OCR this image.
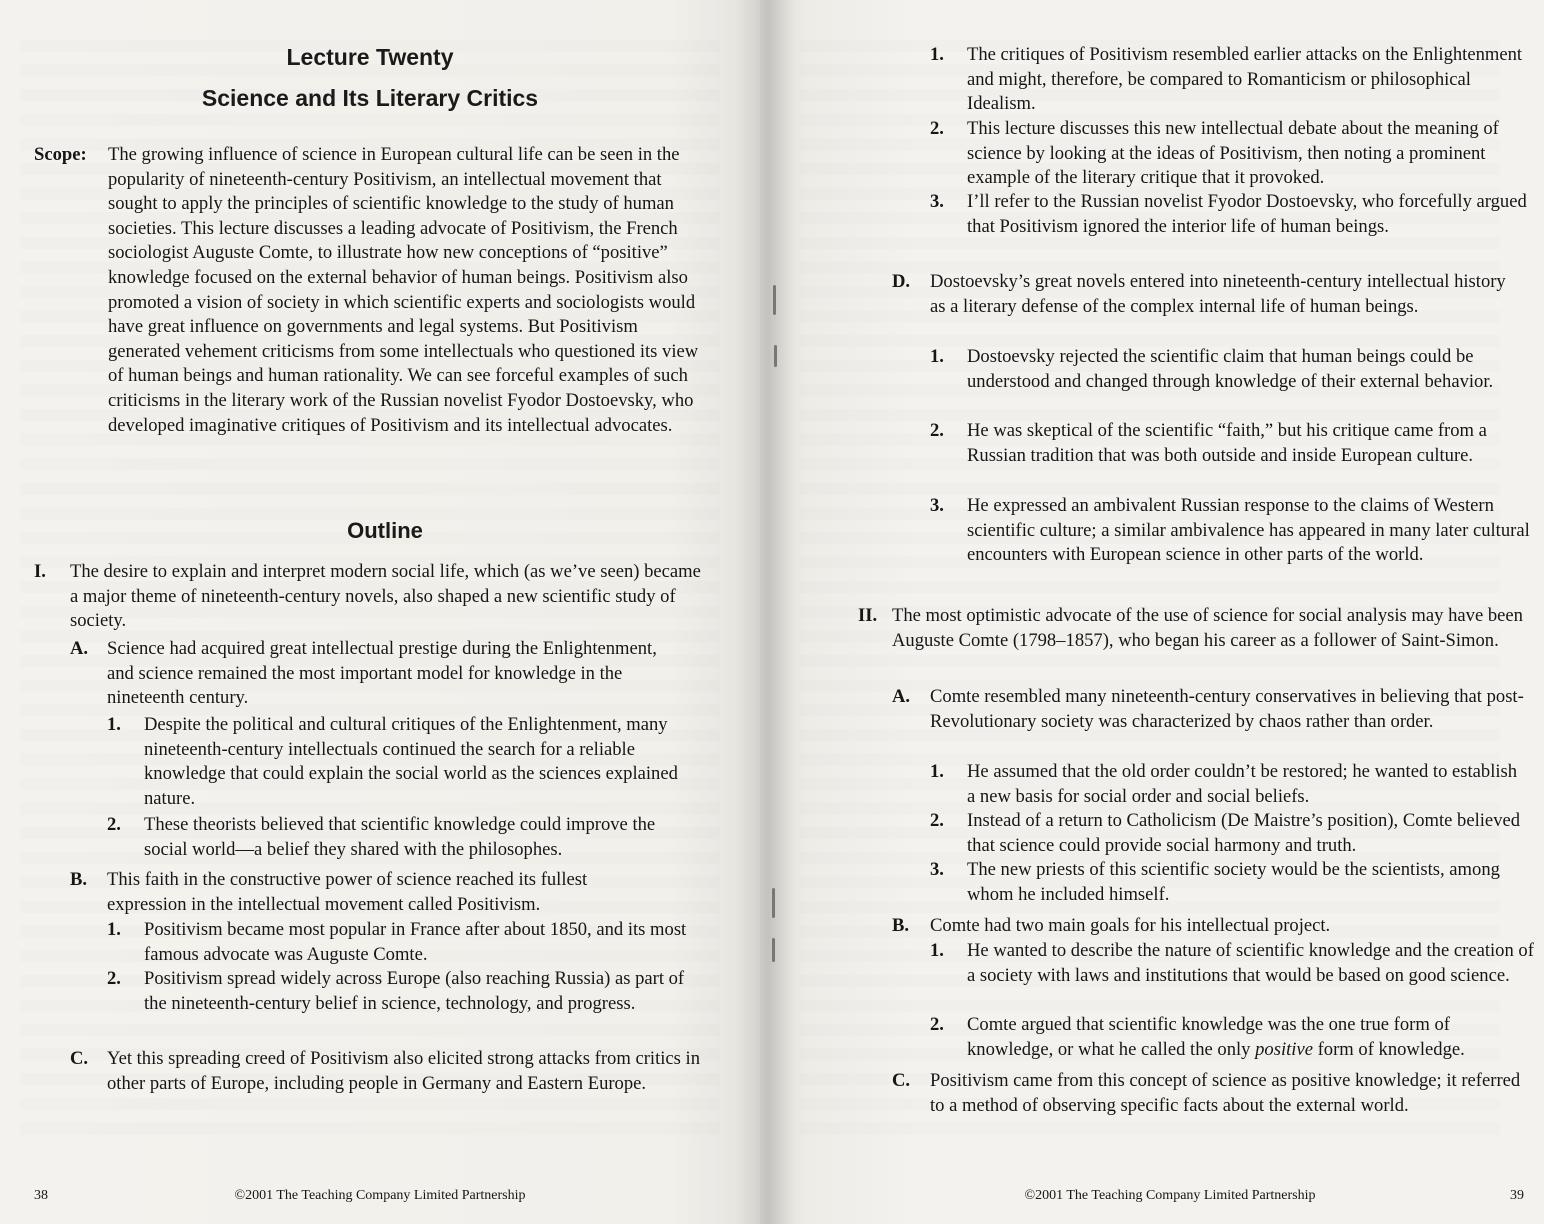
Lecture Twenty
Science and Its Literary Critics
Scope: The growing influence of science in European cultural life can be seen in the popularity of nineteenth-century Positivism, an intellectual movement that sought to apply the principles of scientific knowledge to the study of human societies. This lecture discusses a leading advocate of Positivism, the French sociologist Auguste Comte, to illustrate how new conceptions of “positive” knowledge focused on the external behavior of human beings. Positivism also promoted a vision of society in which scientific experts and sociologists would have great influence on governments and legal systems. But Positivism generated vehement criticisms from some intellectuals who questioned its view of human beings and human rationality. We can see forceful examples of such criticisms in the literary work of the Russian novelist Fyodor Dostoevsky, who developed imaginative critiques of Positivism and its intellectual advocates.
Outline
I. The desire to explain and interpret modern social life, which (as we’ve seen) became a major theme of nineteenth-century novels, also shaped a new scientific study of society.
A. Science had acquired great intellectual prestige during the Enlightenment, and science remained the most important model for knowledge in the nineteenth century.
1. Despite the political and cultural critiques of the Enlightenment, many nineteenth-century intellectuals continued the search for a reliable knowledge that could explain the social world as the sciences explained nature.
2. These theorists believed that scientific knowledge could improve the social world—a belief they shared with the philosophes.
B. This faith in the constructive power of science reached its fullest expression in the intellectual movement called Positivism.
1. Positivism became most popular in France after about 1850, and its most famous advocate was Auguste Comte.
2. Positivism spread widely across Europe (also reaching Russia) as part of the nineteenth-century belief in science, technology, and progress.
C. Yet this spreading creed of Positivism also elicited strong attacks from critics in other parts of Europe, including people in Germany and Eastern Europe.
38	©2001 The Teaching Company Limited Partnership
1. The critiques of Positivism resembled earlier attacks on the Enlightenment and might, therefore, be compared to Romanticism or philosophical Idealism.
2. This lecture discusses this new intellectual debate about the meaning of science by looking at the ideas of Positivism, then noting a prominent example of the literary critique that it provoked.
3. I’ll refer to the Russian novelist Fyodor Dostoevsky, who forcefully argued that Positivism ignored the interior life of human beings.
D. Dostoevsky’s great novels entered into nineteenth-century intellectual history as a literary defense of the complex internal life of human beings.
1. Dostoevsky rejected the scientific claim that human beings could be understood and changed through knowledge of their external behavior.
2. He was skeptical of the scientific “faith,” but his critique came from a Russian tradition that was both outside and inside European culture.
3. He expressed an ambivalent Russian response to the claims of Western scientific culture; a similar ambivalence has appeared in many later cultural encounters with European science in other parts of the world.
II. The most optimistic advocate of the use of science for social analysis may have been Auguste Comte (1798–1857), who began his career as a follower of Saint-Simon.
A. Comte resembled many nineteenth-century conservatives in believing that post-Revolutionary society was characterized by chaos rather than order.
1. He assumed that the old order couldn’t be restored; he wanted to establish a new basis for social order and social beliefs.
2. Instead of a return to Catholicism (De Maistre’s position), Comte believed that science could provide social harmony and truth.
3. The new priests of this scientific society would be the scientists, among whom he included himself.
B. Comte had two main goals for his intellectual project.
1. He wanted to describe the nature of scientific knowledge and the creation of a society with laws and institutions that would be based on good science.
2. Comte argued that scientific knowledge was the one true form of knowledge, or what he called the only positive form of knowledge.
C. Positivism came from this concept of science as positive knowledge; it referred to a method of observing specific facts about the external world.
©2001 The Teaching Company Limited Partnership	39
